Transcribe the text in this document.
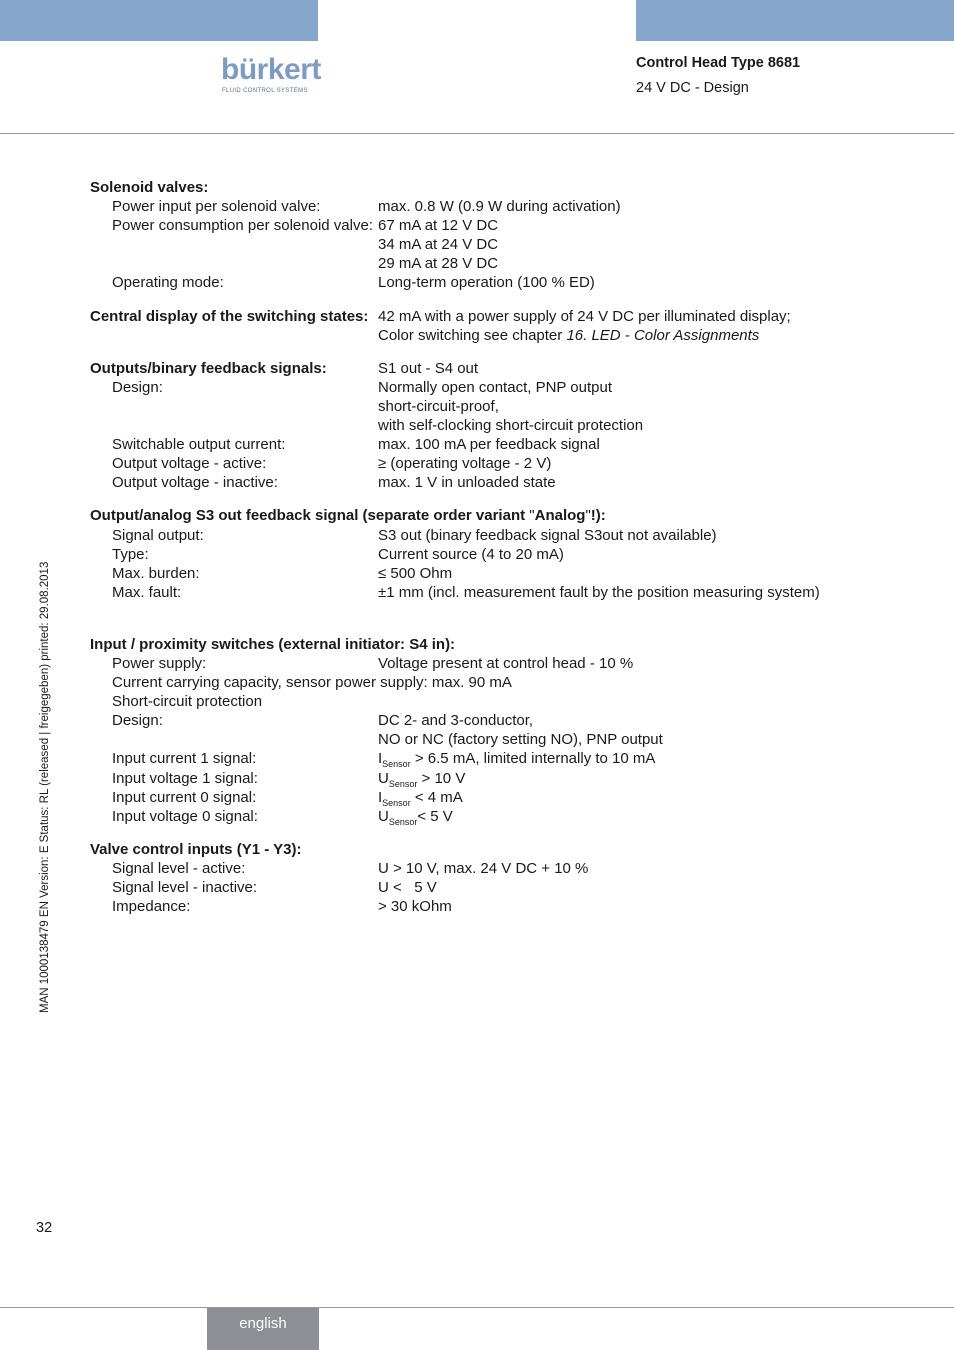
bürkert
FLUID CONTROL SYSTEMS
Control Head Type 8681
24 V DC - Design
MAN 1000138479 EN Version: E Status: RL (released | freigegeben) printed: 29.08.2013
Solenoid valves:
Power input per solenoid valve:	max. 0.8 W (0.9 W during activation)
Power consumption per solenoid valve: 67 mA at 12 V DC
34 mA at 24 V DC
29 mA at 28 V DC
Operating mode:	Long-term operation (100 % ED)
Central display of the switching states: 42 mA with a power supply of 24 V DC per illuminated display;
Color switching see chapter 16. LED - Color Assignments
Outputs/binary feedback signals:	S1 out - S4 out
Design:	Normally open contact, PNP output
short-circuit-proof,
with self-clocking short-circuit protection
Switchable output current:	max. 100 mA per feedback signal
Output voltage - active:	≥ (operating voltage - 2 V)
Output voltage - inactive:	max. 1 V in unloaded state
Output/analog S3 out feedback signal (separate order variant "Analog"!):
Signal output:	S3 out (binary feedback signal S3out not available)
Type:	Current source (4 to 20 mA)
Max. burden:	≤ 500 Ohm
Max. fault:	±1 mm (incl. measurement fault by the position measuring system)
Input / proximity switches (external initiator: S4 in):
Power supply:	Voltage present at control head - 10 %
Current carrying capacity, sensor power supply: max. 90 mA
Short-circuit protection
Design:	DC 2- and 3-conductor,
NO or NC (factory setting NO), PNP output
Input current 1 signal:	$I_{Sensor} > 6.5$ mA, limited internally to 10 mA
Input voltage 1 signal:	$U_{Sensor} > 10$ V
Input current 0 signal:	$I_{Sensor} < 4$ mA
Input voltage 0 signal:	$U_{Sensor}< 5$ V
Valve control inputs (Y1 - Y3):
Signal level - active:	U > 10 V, max. 24 V DC + 10 %
Signal level - inactive:	U <   5 V
Impedance:	> 30 kOhm
32
english
